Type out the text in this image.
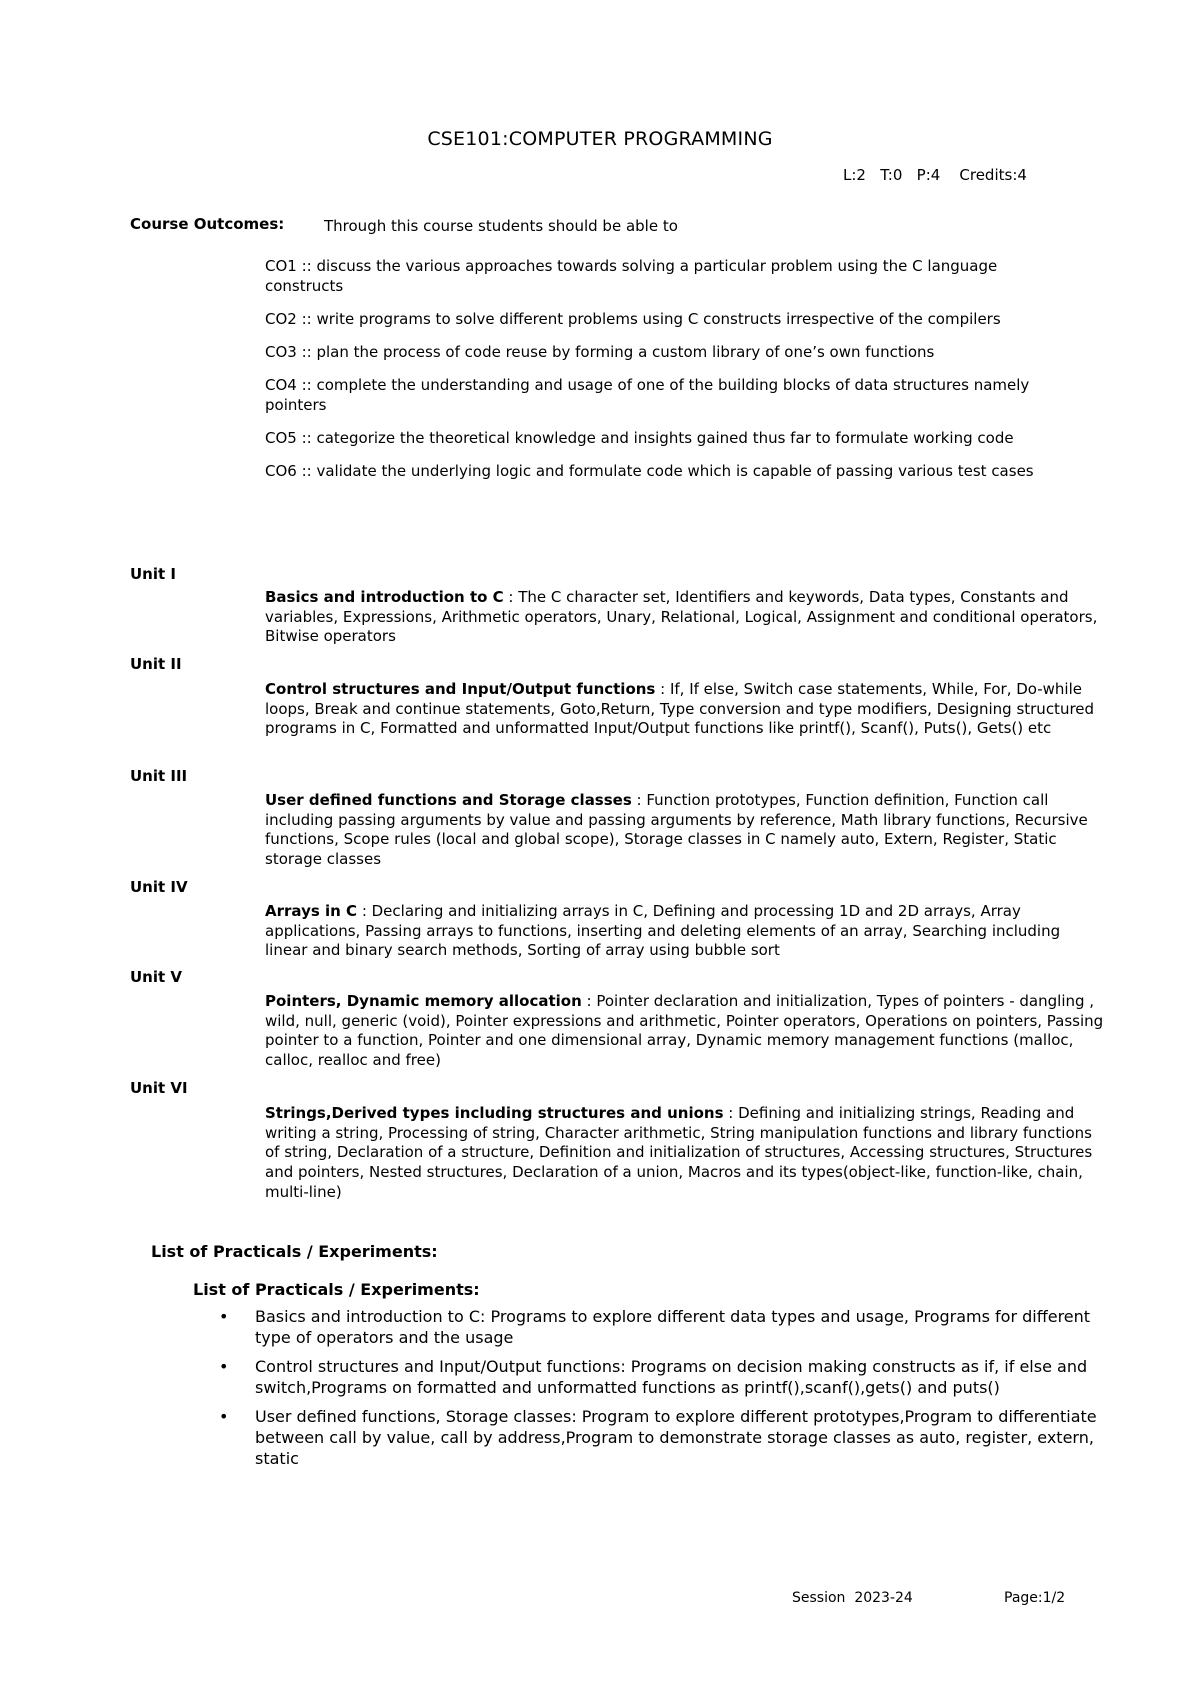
CSE101:COMPUTER PROGRAMMING
L:2   T:0   P:4    Credits:4
Course Outcomes:	Through this course students should be able to
CO1 :: discuss the various approaches towards solving a particular problem using the C language constructs
CO2 :: write programs to solve different problems using C constructs irrespective of the compilers
CO3 :: plan the process of code reuse by forming a custom library of one’s own functions
CO4 :: complete the understanding and usage of one of the building blocks of data structures namely pointers
CO5 :: categorize the theoretical knowledge and insights gained thus far to formulate working code
CO6 :: validate the underlying logic and formulate code which is capable of passing various test cases
Unit I
Basics and introduction to C : The C character set, Identifiers and keywords, Data types, Constants and variables, Expressions, Arithmetic operators, Unary, Relational, Logical, Assignment and conditional operators, Bitwise operators
Unit II
Control structures and Input/Output functions : If, If else, Switch case statements, While, For, Do-while loops, Break and continue statements, Goto,Return, Type conversion and type modifiers, Designing structured programs in C, Formatted and unformatted Input/Output functions like printf(), Scanf(), Puts(), Gets() etc
Unit III
User defined functions and Storage classes : Function prototypes, Function definition, Function call including passing arguments by value and passing arguments by reference, Math library functions, Recursive functions, Scope rules (local and global scope), Storage classes in C namely auto, Extern, Register, Static storage classes
Unit IV
Arrays in C : Declaring and initializing arrays in C, Defining and processing 1D and 2D arrays, Array applications, Passing arrays to functions, inserting and deleting elements of an array, Searching including linear and binary search methods, Sorting of array using bubble sort
Unit V
Pointers, Dynamic memory allocation : Pointer declaration and initialization, Types of pointers - dangling , wild, null, generic (void), Pointer expressions and arithmetic, Pointer operators, Operations on pointers, Passing pointer to a function, Pointer and one dimensional array, Dynamic memory management functions (malloc, calloc, realloc and free)
Unit VI
Strings,Derived types including structures and unions : Defining and initializing strings, Reading and writing a string, Processing of string, Character arithmetic, String manipulation functions and library functions of string, Declaration of a structure, Definition and initialization of structures, Accessing structures, Structures and pointers, Nested structures, Declaration of a union, Macros and its types(object-like, function-like, chain, multi-line)
List of Practicals / Experiments:
List of Practicals / Experiments:
• Basics and introduction to C: Programs to explore different data types and usage, Programs for different type of operators and the usage
• Control structures and Input/Output functions: Programs on decision making constructs as if, if else and switch,Programs on formatted and unformatted functions as printf(),scanf(),gets() and puts()
• User defined functions, Storage classes: Program to explore different prototypes,Program to differentiate between call by value, call by address,Program to demonstrate storage classes as auto, register, extern, static
Session  2023-24	Page:1/2
